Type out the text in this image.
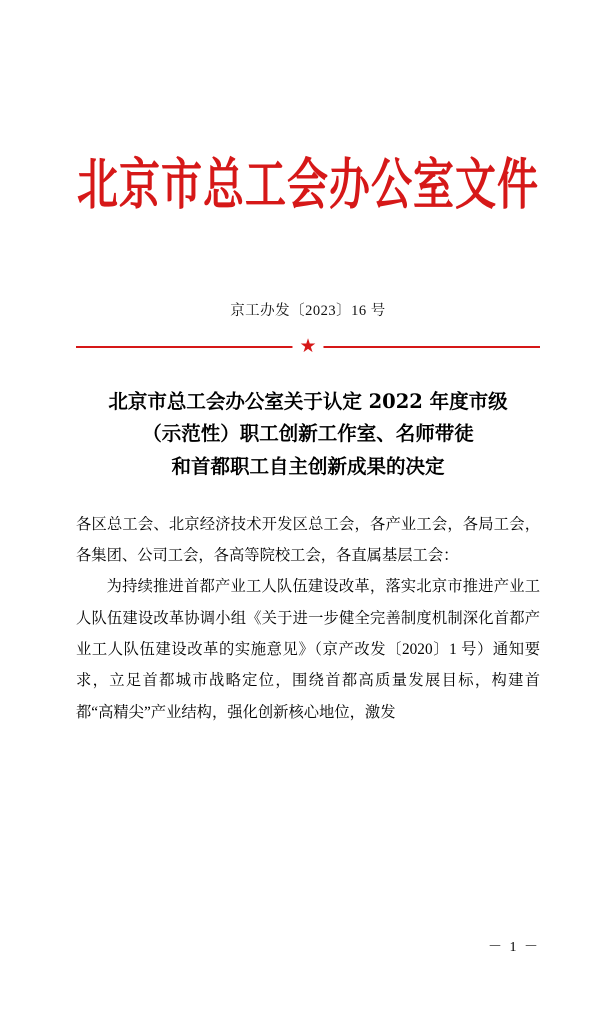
北京市总工会办公室文件
京工办发〔2023〕16 号
★
北京市总工会办公室关于认定 2022 年度市级
（示范性）职工创新工作室、名师带徒
和首都职工自主创新成果的决定

各区总工会、北京经济技术开发区总工会，各产业工会，各局工会，各集团、公司工会，各高等院校工会，各直属基层工会：

为持续推进首都产业工人队伍建设改革，落实北京市推进产业工人队伍建设改革协调小组《关于进一步健全完善制度机制深化首都产业工人队伍建设改革的实施意见》（京产改发〔2020〕1 号）通知要求，立足首都城市战略定位，围绕首都高质量发展目标，构建首都“高精尖”产业结构，强化创新核心地位，激发

－ 1 －
